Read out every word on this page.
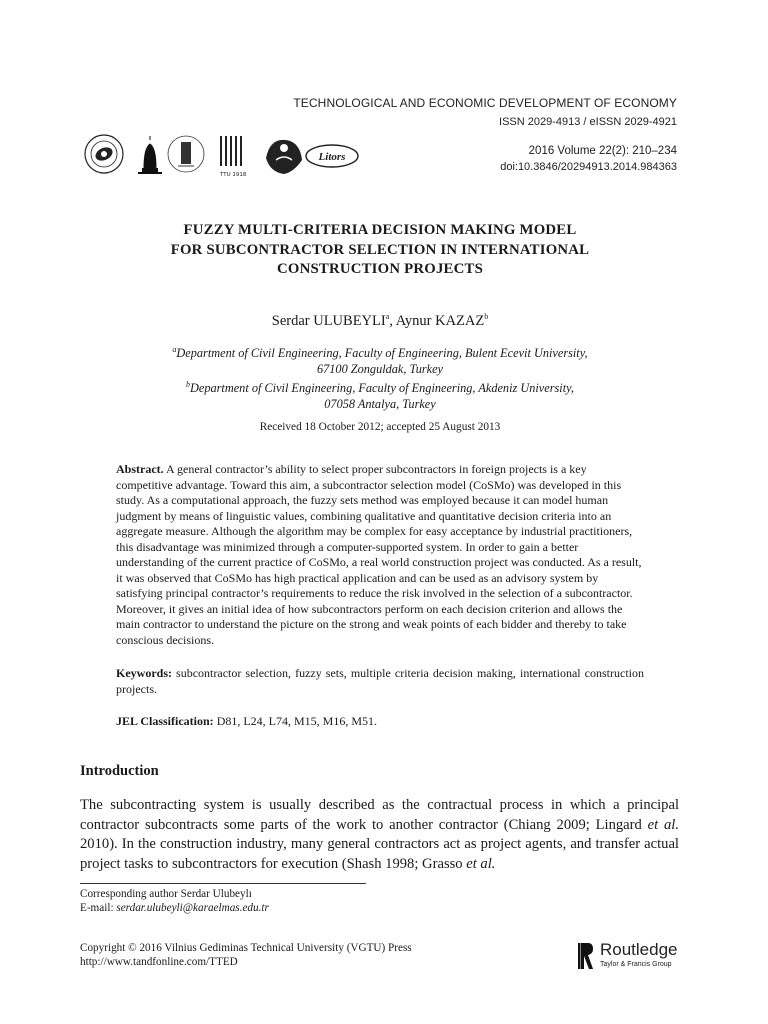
TECHNOLOGICAL AND ECONOMIC DEVELOPMENT OF ECONOMY
ISSN 2029-4913 / eISSN 2029-4921
2016 Volume 22(2): 210–234
doi:10.3846/20294913.2014.984363
TTU 1918
Litors
FUZZY MULTI-CRITERIA DECISION MAKING MODEL
FOR SUBCONTRACTOR SELECTION IN INTERNATIONAL
CONSTRUCTION PROJECTS
Serdar ULUBEYLI$^a$, Aynur KAZAZ$^b$
$^a$Department of Civil Engineering, Faculty of Engineering, Bulent Ecevit University,
67100 Zonguldak, Turkey
$^b$Department of Civil Engineering, Faculty of Engineering, Akdeniz University,
07058 Antalya, Turkey
Received 18 October 2012; accepted 25 August 2013
Abstract. A general contractor’s ability to select proper subcontractors in foreign projects is a key competitive advantage. Toward this aim, a subcontractor selection model (CoSMo) was developed in this study. As a computational approach, the fuzzy sets method was employed because it can model human judgment by means of linguistic values, combining qualitative and quantitative decision criteria into an aggregate measure. Although the algorithm may be complex for easy acceptance by industrial practitioners, this disadvantage was minimized through a computer-supported system. In order to gain a better understanding of the current practice of CoSMo, a real world construction project was conducted. As a result, it was observed that CoSMo has high practical application and can be used as an advisory system by satisfying principal contractor’s requirements to reduce the risk involved in the selection of a subcontractor. Moreover, it gives an initial idea of how subcontractors perform on each decision criterion and allows the main contractor to understand the picture on the strong and weak points of each bidder and thereby to take conscious decisions.
Keywords: subcontractor selection, fuzzy sets, multiple criteria decision making, international construction projects.
JEL Classification: D81, L24, L74, M15, M16, M51.
Introduction
The subcontracting system is usually described as the contractual process in which a principal contractor subcontracts some parts of the work to another contractor (Chiang 2009; Lingard et al. 2010). In the construction industry, many general contractors act as project agents, and transfer actual project tasks to subcontractors for execution (Shash 1998; Grasso et al.
Corresponding author Serdar Ulubeylı
E-mail: serdar.ulubeyli@karaelmas.edu.tr
Copyright © 2016 Vilnius Gediminas Technical University (VGTU) Press
http://www.tandfonline.com/TTED
Routledge
Taylor & Francis Group
